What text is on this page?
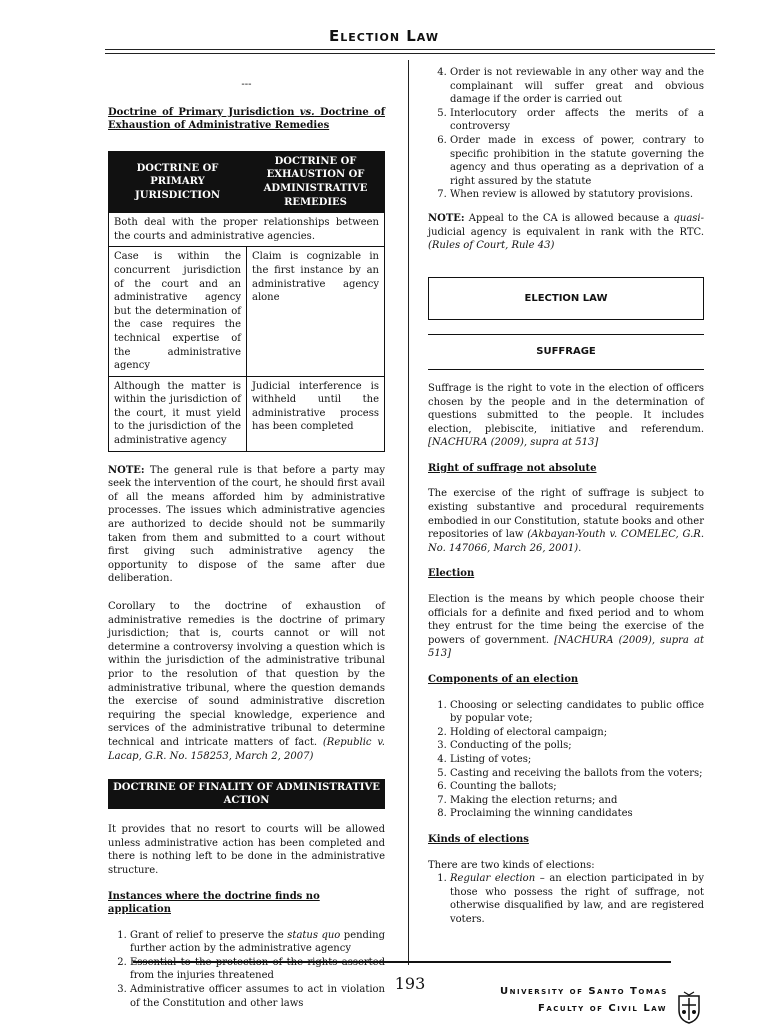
Election Law

---

Doctrine of Primary Jurisdiction vs. Doctrine of Exhaustion of Administrative Remedies

DOCTRINE OF PRIMARY JURISDICTION	DOCTRINE OF EXHAUSTION OF ADMINISTRATIVE REMEDIES
Both deal with the proper relationships between the courts and administrative agencies.	
Case is within the concurrent jurisdiction of the court and an administrative agency but the determination of the case requires the technical expertise of the administrative agency	Claim is cognizable in the first instance by an administrative agency alone
Although the matter is within the jurisdiction of the court, it must yield to the jurisdiction of the administrative agency	Judicial interference is withheld until the administrative process has been completed

NOTE: The general rule is that before a party may seek the intervention of the court, he should first avail of all the means afforded him by administrative processes. The issues which administrative agencies are authorized to decide should not be summarily taken from them and submitted to a court without first giving such administrative agency the opportunity to dispose of the same after due deliberation.

Corollary to the doctrine of exhaustion of administrative remedies is the doctrine of primary jurisdiction; that is, courts cannot or will not determine a controversy involving a question which is within the jurisdiction of the administrative tribunal prior to the resolution of that question by the administrative tribunal, where the question demands the exercise of sound administrative discretion requiring the special knowledge, experience and services of the administrative tribunal to determine technical and intricate matters of fact. (Republic v. Lacap, G.R. No. 158253, March 2, 2007)

DOCTRINE OF FINALITY OF ADMINISTRATIVE ACTION

It provides that no resort to courts will be allowed unless administrative action has been completed and there is nothing left to be done in the administrative structure.

Instances where the doctrine finds no application

1. Grant of relief to preserve the status quo pending further action by the administrative agency
2. Essential to the protection of the rights asserted from the injuries threatened
3. Administrative officer assumes to act in violation of the Constitution and other laws
4. Order is not reviewable in any other way and the complainant will suffer great and obvious damage if the order is carried out
5. Interlocutory order affects the merits of a controversy
6. Order made in excess of power, contrary to specific prohibition in the statute governing the agency and thus operating as a deprivation of a right assured by the statute
7. When review is allowed by statutory provisions.

NOTE: Appeal to the CA is allowed because a quasi-judicial agency is equivalent in rank with the RTC. (Rules of Court, Rule 43)

ELECTION LAW

SUFFRAGE

Suffrage is the right to vote in the election of officers chosen by the people and in the determination of questions submitted to the people. It includes election, plebiscite, initiative and referendum. [NACHURA (2009), supra at 513]

Right of suffrage not absolute

The exercise of the right of suffrage is subject to existing substantive and procedural requirements embodied in our Constitution, statute books and other repositories of law (Akbayan-Youth v. COMELEC, G.R. No. 147066, March 26, 2001).

Election

Election is the means by which people choose their officials for a definite and fixed period and to whom they entrust for the time being the exercise of the powers of government. [NACHURA (2009), supra at 513]

Components of an election

1. Choosing or selecting candidates to public office by popular vote;
2. Holding of electoral campaign;
3. Conducting of the polls;
4. Listing of votes;
5. Casting and receiving the ballots from the voters;
6. Counting the ballots;
7. Making the election returns; and
8. Proclaiming the winning candidates

Kinds of elections

There are two kinds of elections:

1. Regular election – an election participated in by those who possess the right of suffrage, not otherwise disqualified by law, and are registered voters.
193	University of Santo Tomas
Faculty of Civil Law
